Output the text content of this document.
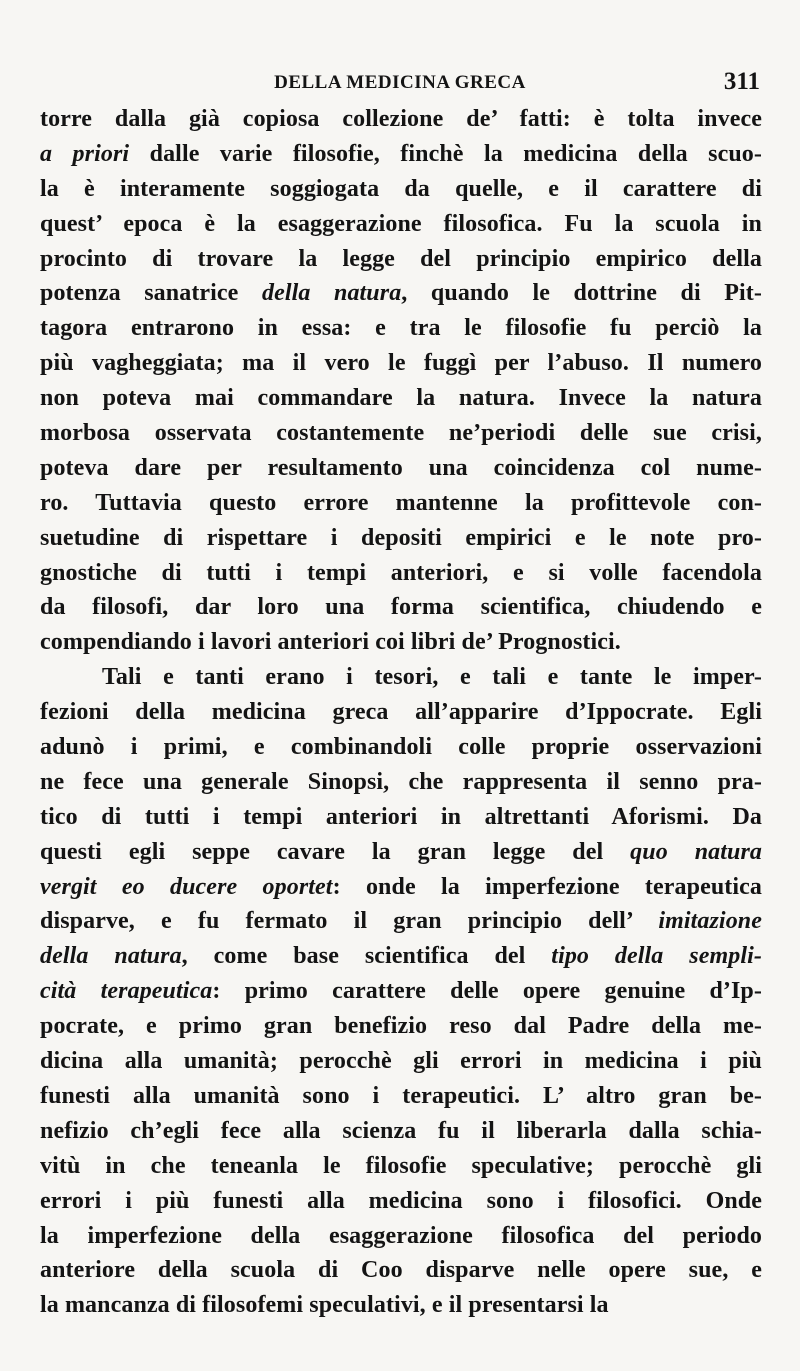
DELLA MEDICINA GRECA	311
torre dalla già copiosa collezione de’ fatti: è tolta invece
a priori dalle varie filosofie, finchè la medicina della scuo-
la è interamente soggiogata da quelle, e il carattere di
quest’ epoca è la esaggerazione filosofica. Fu la scuola in
procinto di trovare la legge del principio empirico della
potenza sanatrice della natura, quando le dottrine di Pit-
tagora entrarono in essa: e tra le filosofie fu perciò la
più vagheggiata; ma il vero le fuggì per l’abuso. Il numero
non poteva mai commandare la natura. Invece la natura
morbosa osservata costantemente ne’periodi delle sue crisi,
poteva dare per resultamento una coincidenza col nume-
ro. Tuttavia questo errore mantenne la profittevole con-
suetudine di rispettare i depositi empirici e le note pro-
gnostiche di tutti i tempi anteriori, e si volle facendola
da filosofi, dar loro una forma scientifica, chiudendo e
compendiando i lavori anteriori coi libri de’ Prognostici.
Tali e tanti erano i tesori, e tali e tante le imper-
fezioni della medicina greca all’apparire d’Ippocrate. Egli
adunò i primi, e combinandoli colle proprie osservazioni
ne fece una generale Sinopsi, che rappresenta il senno pra-
tico di tutti i tempi anteriori in altrettanti Aforismi. Da
questi egli seppe cavare la gran legge del quo natura
vergit eo ducere oportet: onde la imperfezione terapeutica
disparve, e fu fermato il gran principio dell’ imitazione
della natura, come base scientifica del tipo della sempli-
cità terapeutica: primo carattere delle opere genuine d’Ip-
pocrate, e primo gran benefizio reso dal Padre della me-
dicina alla umanità; perocchè gli errori in medicina i più
funesti alla umanità sono i terapeutici. L’ altro gran be-
nefizio ch’egli fece alla scienza fu il liberarla dalla schia-
vitù in che teneanla le filosofie speculative; perocchè gli
errori i più funesti alla medicina sono i filosofici. Onde
la imperfezione della esaggerazione filosofica del periodo
anteriore della scuola di Coo disparve nelle opere sue, e
la mancanza di filosofemi speculativi, e il presentarsi la
